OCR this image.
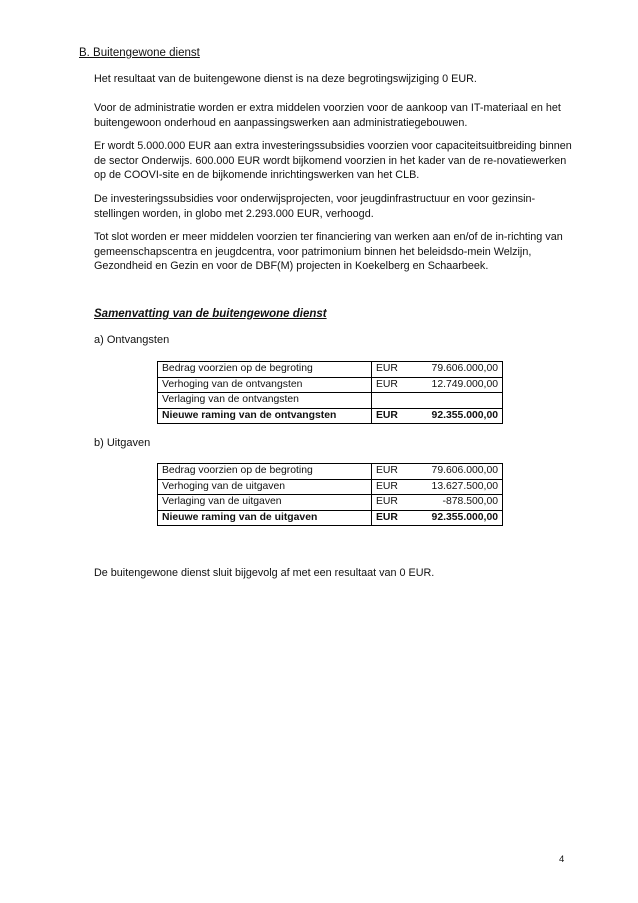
B. Buitengewone dienst

Het resultaat van de buitengewone dienst is na deze begrotingswijziging 0 EUR.

Voor de administratie worden er extra middelen voorzien voor de aankoop van IT-materiaal en het buitengewoon onderhoud en aanpassingswerken aan administratiegebouwen.

Er wordt 5.000.000 EUR aan extra investeringssubsidies voorzien voor capaciteitsuitbreiding binnen de sector Onderwijs. 600.000 EUR wordt bijkomend voorzien in het kader van de re-novatiewerken op de COOVI-site en de bijkomende inrichtingswerken van het CLB.

De investeringssubsidies voor onderwijsprojecten, voor jeugdinfrastructuur en voor gezinsin-stellingen worden, in globo met 2.293.000 EUR, verhoogd.

Tot slot worden er meer middelen voorzien ter financiering van werken aan en/of de in-richting van gemeenschapscentra en jeugdcentra, voor patrimonium binnen het beleidsdo-mein Welzijn, Gezondheid en Gezin en voor de DBF(M) projecten in Koekelberg en Schaarbeek.

Samenvatting van de buitengewone dienst
a) Ontvangsten
Bedrag voorzien op de begroting	EUR	79.606.000,00
Verhoging van de ontvangsten	EUR	12.749.000,00
Verlaging van de ontvangsten		
Nieuwe raming van de ontvangsten	EUR	92.355.000,00
b) Uitgaven
Bedrag voorzien op de begroting	EUR	79.606.000,00
Verhoging van de uitgaven	EUR	13.627.500,00
Verlaging van de uitgaven	EUR	-878.500,00
Nieuwe raming van de uitgaven	EUR	92.355.000,00

De buitengewone dienst sluit bijgevolg af met een resultaat van 0 EUR.

4
